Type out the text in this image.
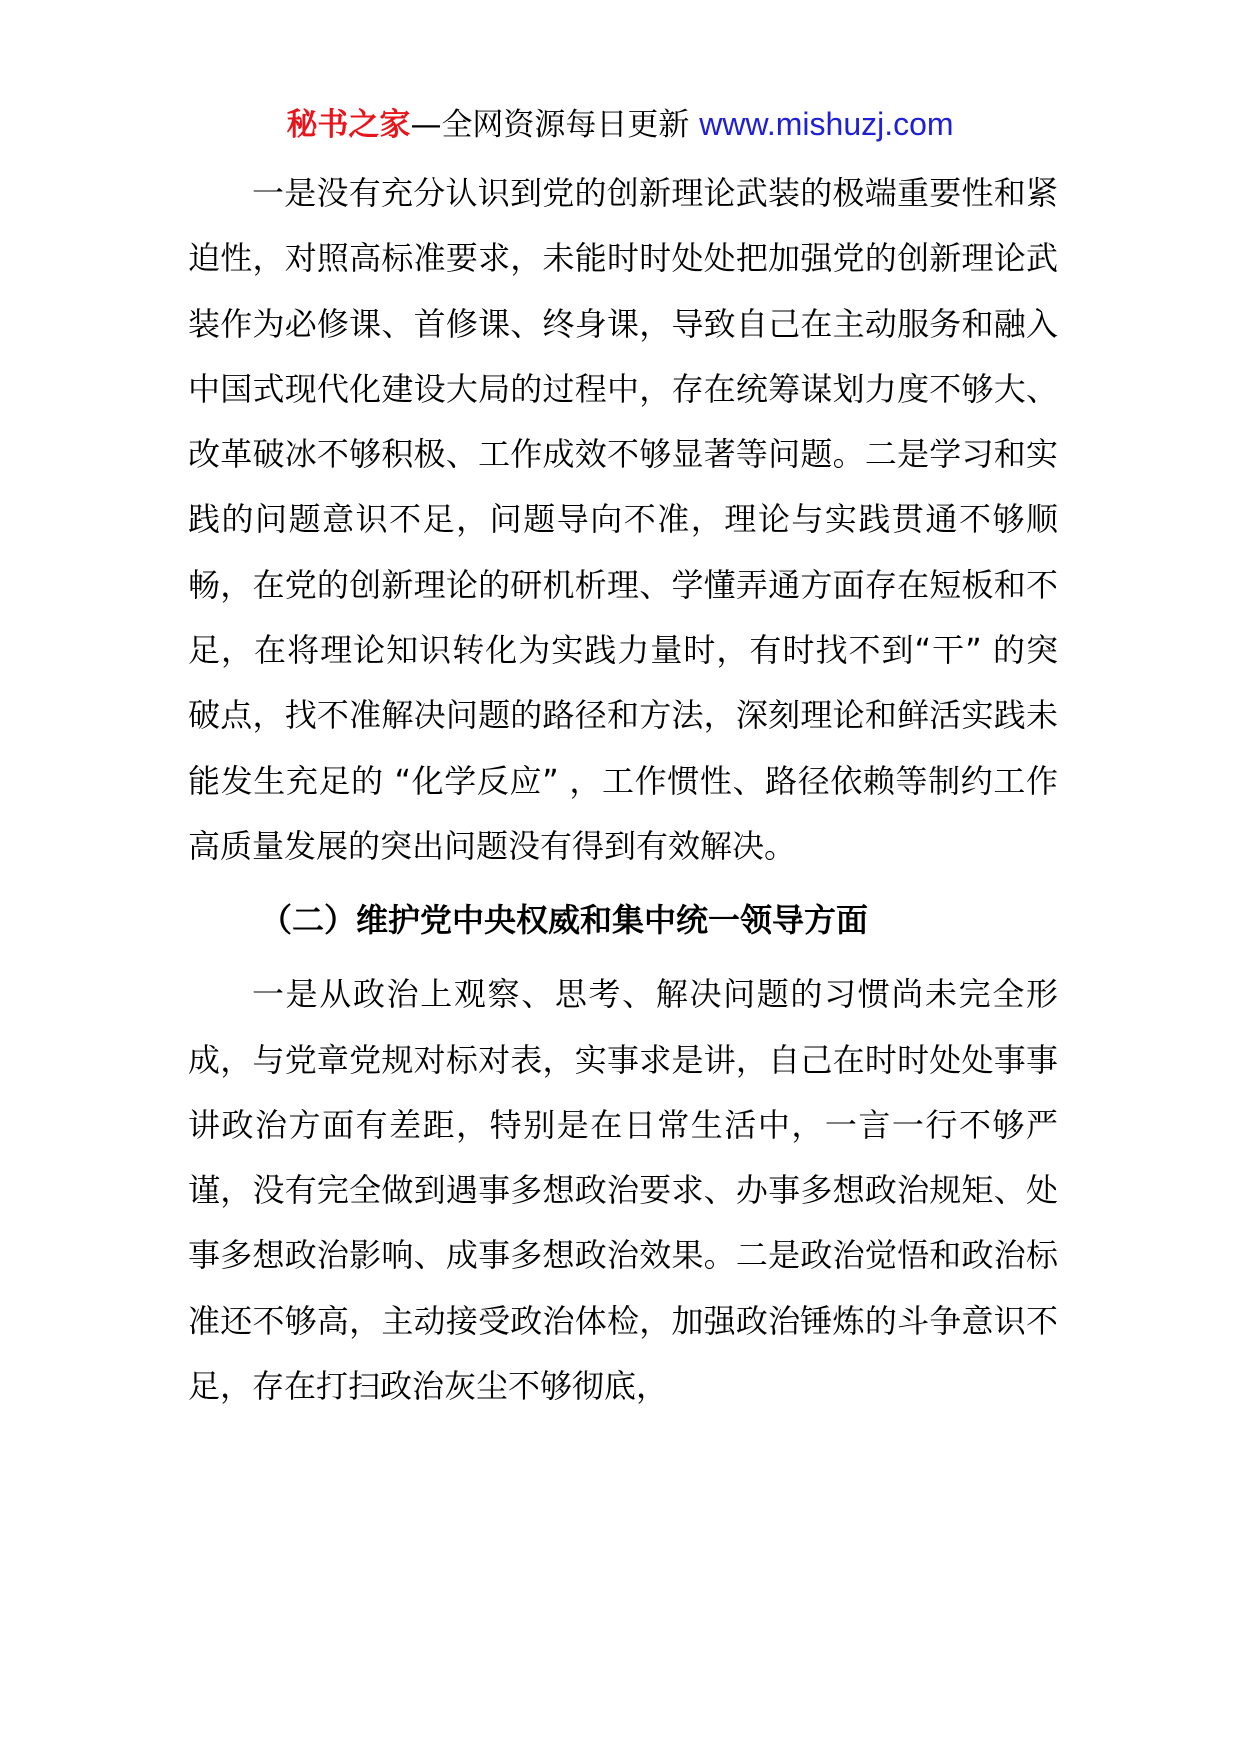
秘书之家—全网资源每日更新 www.mishuzj.com

一是没有充分认识到党的创新理论武装的极端重要性和紧迫性，对照高标准要求，未能时时处处把加强党的创新理论武装作为必修课、首修课、终身课，导致自己在主动服务和融入中国式现代化建设大局的过程中，存在统筹谋划力度不够大、改革破冰不够积极、工作成效不够显著等问题。二是学习和实践的问题意识不足，问题导向不准，理论与实践贯通不够顺畅，在党的创新理论的研机析理、学懂弄通方面存在短板和不足，在将理论知识转化为实践力量时，有时找不到“干” 的突破点，找不准解决问题的路径和方法，深刻理论和鲜活实践未能发生充足的 “化学反应” ，工作惯性、路径依赖等制约工作高质量发展的突出问题没有得到有效解决。

（二）维护党中央权威和集中统一领导方面

一是从政治上观察、思考、解决问题的习惯尚未完全形成，与党章党规对标对表，实事求是讲，自己在时时处处事事讲政治方面有差距，特别是在日常生活中，一言一行不够严谨，没有完全做到遇事多想政治要求、办事多想政治规矩、处事多想政治影响、成事多想政治效果。二是政治觉悟和政治标准还不够高，主动接受政治体检，加强政治锤炼的斗争意识不足，存在打扫政治灰尘不够彻底，
